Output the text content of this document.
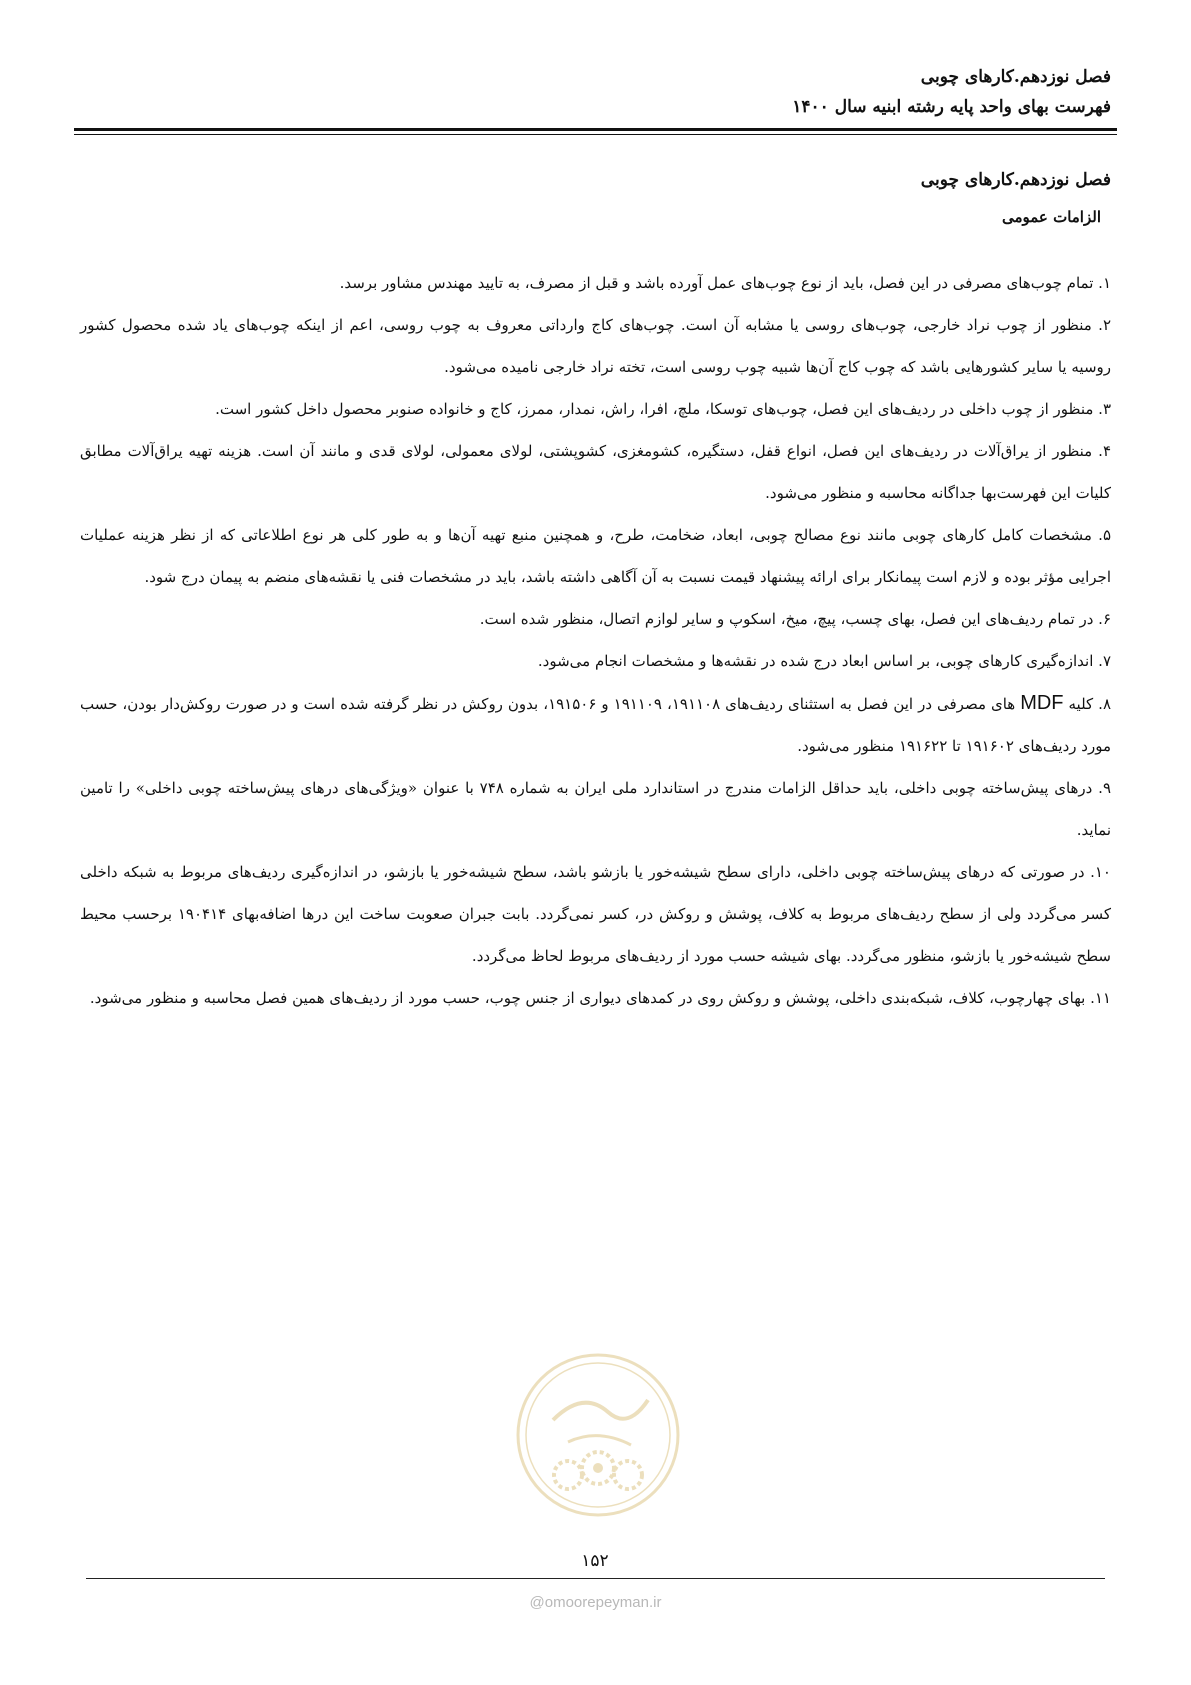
فصل نوزدهم.کارهای چوبی
فهرست بهای واحد پایه رشته ابنیه سال ۱۴۰۰
فصل نوزدهم.کارهای چوبی
الزامات عمومی

۱. تمام چوب‌های مصرفی در این فصل، باید از نوع چوب‌های عمل آورده باشد و قبل از مصرف، به تایید مهندس مشاور برسد.

۲. منظور از چوب نراد خارجی، چوب‌های روسی یا مشابه آن است. چوب‌های کاج وارداتی معروف به چوب روسی، اعم از اینکه چوب‌های یاد شده محصول کشور روسیه یا سایر کشورهایی باشد که چوب کاج آن‌ها شبیه چوب روسی است، تخته نراد خارجی نامیده می‌شود.

۳. منظور از چوب داخلی در ردیف‌های این فصل، چوب‌های توسکا، ملچ، افرا، راش، نمدار، ممرز، کاج و خانواده صنوبر محصول داخل کشور است.

۴. منظور از یراق‌آلات در ردیف‌های این فصل، انواع قفل، دستگیره، کشومغزی، کشوپشتی، لولای معمولی، لولای قدی و مانند آن است. هزینه تهیه یراق‌آلات مطابق کلیات این فهرست‌بها جداگانه محاسبه و منظور می‌شود.

۵. مشخصات کامل کارهای چوبی مانند نوع مصالح چوبی، ابعاد، ضخامت، طرح، و همچنین منبع تهیه آن‌ها و به طور کلی هر نوع اطلاعاتی که از نظر هزینه عملیات اجرایی مؤثر بوده و لازم است پیمانکار برای ارائه پیشنهاد قیمت نسبت به آن آگاهی داشته باشد، باید در مشخصات فنی یا نقشه‌های منضم به پیمان درج شود.

۶. در تمام ردیف‌های این فصل، بهای چسب، پیچ، میخ، اسکوپ و سایر لوازم اتصال، منظور شده است.

۷. اندازه‌گیری کارهای چوبی، بر اساس ابعاد درج شده در نقشه‌ها و مشخصات انجام می‌شود.

۸. کلیه MDF های مصرفی در این فصل به استثنای ردیف‌های ۱۹۱۱۰۸، ۱۹۱۱۰۹ و ۱۹۱۵۰۶، بدون روکش در نظر گرفته شده است و در صورت روکش‌دار بودن، حسب مورد ردیف‌های ۱۹۱۶۰۲ تا ۱۹۱۶۲۲ منظور می‌شود.

۹. درهای پیش‌ساخته چوبی داخلی، باید حداقل الزامات مندرج در استاندارد ملی ایران به شماره ۷۴۸ با عنوان «ویژگی‌های درهای پیش‌ساخته چوبی داخلی» را تامین نماید.

۱۰. در صورتی که درهای پیش‌ساخته چوبی داخلی، دارای سطح شیشه‌خور یا بازشو باشد، سطح شیشه‌خور یا بازشو، در اندازه‌گیری ردیف‌های مربوط به شبکه داخلی کسر می‌گردد ولی از سطح ردیف‌های مربوط به کلاف، پوشش و روکش در، کسر نمی‌گردد. بابت جبران صعوبت ساخت این درها اضافه‌بهای ۱۹۰۴۱۴ برحسب محیط سطح شیشه‌خور یا بازشو، منظور می‌گردد. بهای شیشه حسب مورد از ردیف‌های مربوط لحاظ می‌گردد.

۱۱. بهای چهارچوب، کلاف، شبکه‌بندی داخلی، پوشش و روکش روی در کمدهای دیواری از جنس چوب، حسب مورد از ردیف‌های همین فصل محاسبه و منظور می‌شود.

۱۵۲
@omoorepeyman.ir
